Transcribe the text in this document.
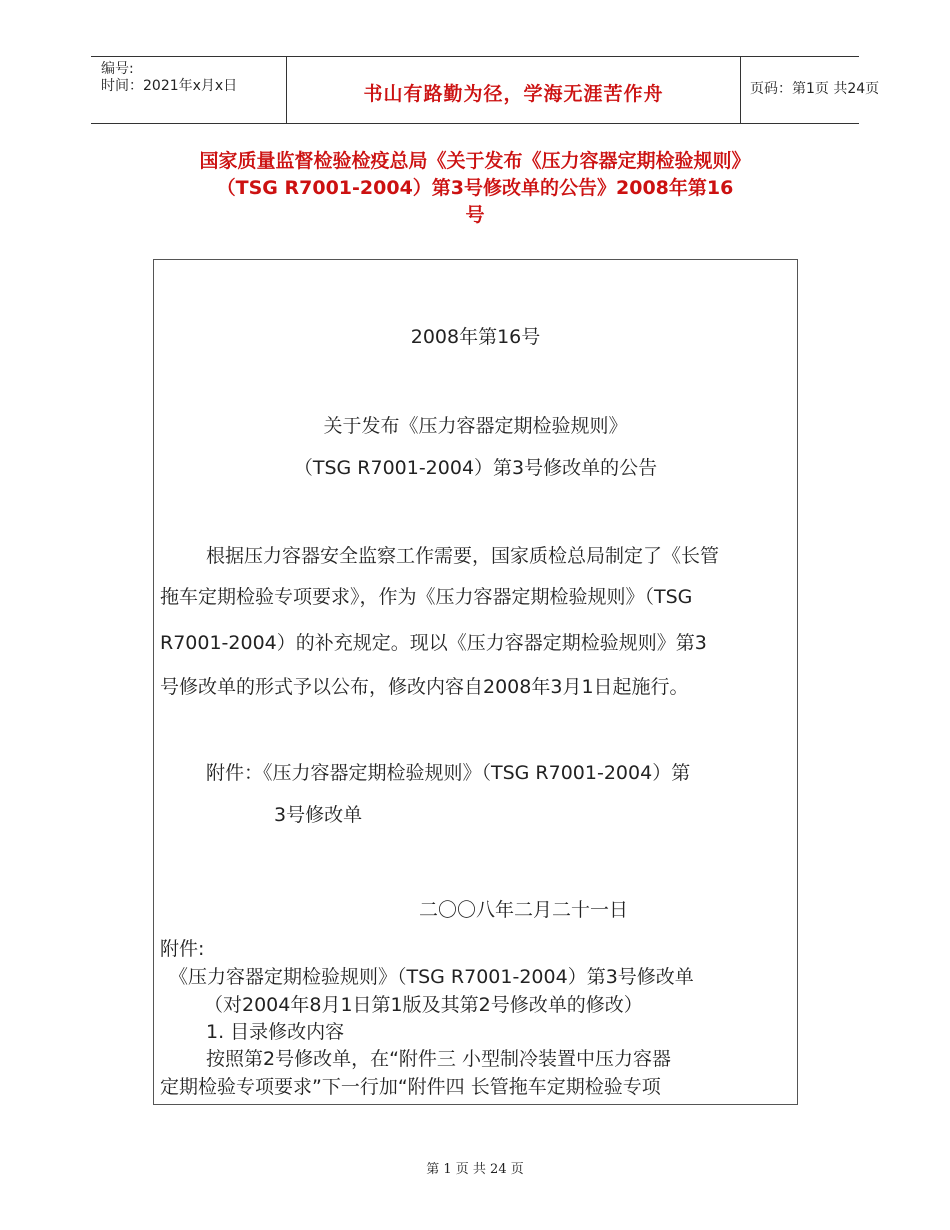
编号:
时间：2021年x月x日	书山有路勤为径，学海无涯苦作舟	页码：第1页 共24页
国家质量监督检验检疫总局《关于发布《压力容器定期检验规则》
（TSG R7001-2004）第3号修改单的公告》2008年第16
号
2008年第16号
关于发布《压力容器定期检验规则》
（TSG R7001-2004）第3号修改单的公告
根据压力容器安全监察工作需要，国家质检总局制定了《长管
拖车定期检验专项要求》，作为《压力容器定期检验规则》（TSG
R7001-2004）的补充规定。现以《压力容器定期检验规则》第3
号修改单的形式予以公布，修改内容自2008年3月1日起施行。
附件：《压力容器定期检验规则》（TSG R7001-2004）第
3号修改单
二〇〇八年二月二十一日
附件:
《压力容器定期检验规则》（TSG R7001-2004）第3号修改单
（对2004年8月1日第1版及其第2号修改单的修改）
1. 目录修改内容
按照第2号修改单，在“附件三 小型制冷装置中压力容器
定期检验专项要求”下一行加“附件四 长管拖车定期检验专项
第 1 页 共 24 页
